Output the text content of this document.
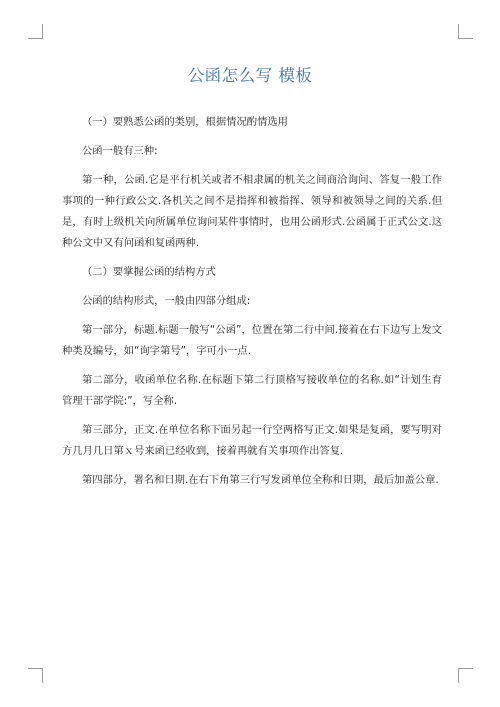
公函怎么写 模板

（一）要熟悉公函的类别，根据情况酌情选用

公函一般有三种:

第一种，公函.它是平行机关或者不相隶属的机关之间商洽询问、答复一般工作事项的一种行政公文.各机关之间不是指挥和被指挥、领导和被领导之间的关系.但是，有时上级机关向所属单位询问某件事情时，也用公函形式.公函属于正式公文.这种公文中又有问函和复函两种.

（二）要掌握公函的结构方式

公函的结构形式，一般由四部分组成:

第一部分，标题.标题一般写“公函”，位置在第二行中间.接着在右下边写上发文种类及编号，如“询字第号”，字可小一点.

第二部分，收函单位名称.在标题下第二行顶格写接收单位的名称.如“计划生育管理干部学院:”，写全称.

第三部分，正文.在单位名称下面另起一行空两格写正文.如果是复函，要写明对方几月几日第ｘ号来函已经收到，接着再就有关事项作出答复.

第四部分，署名和日期.在右下角第三行写发函单位全称和日期，最后加盖公章.
